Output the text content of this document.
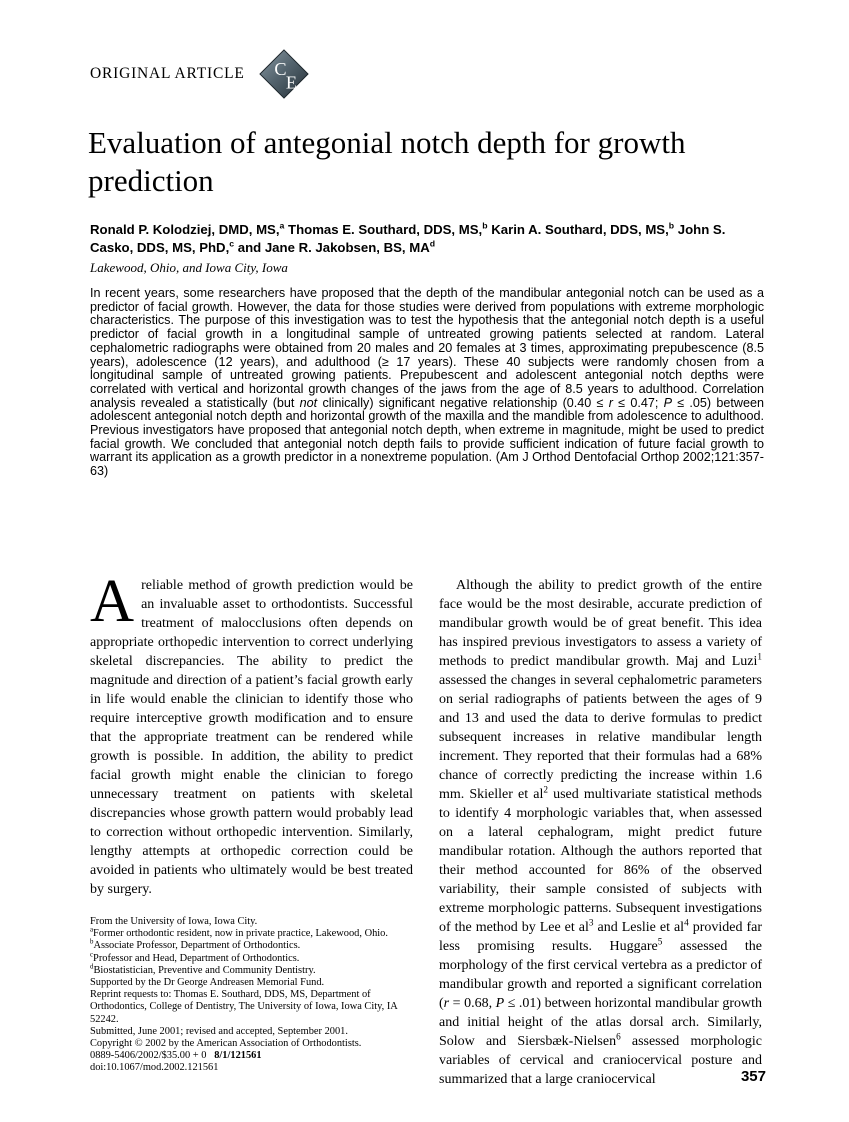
ORIGINAL ARTICLE C
E
Evaluation of antegonial notch depth for growth prediction

Ronald P. Kolodziej, DMD, MS,$^a$ Thomas E. Southard, DDS, MS,$^b$ Karin A. Southard, DDS, MS,$^b$ John S. Casko, DDS, MS, PhD,$^c$ and Jane R. Jakobsen, BS, $MA^d$

Lakewood, Ohio, and Iowa City, Iowa

In recent years, some researchers have proposed that the depth of the mandibular antegonial notch can be used as a predictor of facial growth. However, the data for those studies were derived from populations with extreme morphologic characteristics. The purpose of this investigation was to test the hypothesis that the antegonial notch depth is a useful predictor of facial growth in a longitudinal sample of untreated growing patients selected at random. Lateral cephalometric radiographs were obtained from 20 males and 20 females at 3 times, approximating prepubescence (8.5 years), adolescence (12 years), and adulthood (≥ 17 years). These 40 subjects were randomly chosen from a longitudinal sample of untreated growing patients. Prepubescent and adolescent antegonial notch depths were correlated with vertical and horizontal growth changes of the jaws from the age of 8.5 years to adulthood. Correlation analysis revealed a statistically (but not clinically) significant negative relationship (0.40 ≤ r ≤ 0.47; P ≤ .05) between adolescent antegonial notch depth and horizontal growth of the maxilla and the mandible from adolescence to adulthood. Previous investigators have proposed that antegonial notch depth, when extreme in magnitude, might be used to predict facial growth. We concluded that antegonial notch depth fails to provide sufficient indication of future facial growth to warrant its application as a growth predictor in a nonextreme population. (Am J Orthod Dentofacial Orthop 2002;121:357-63)

Areliable method of growth prediction would be an invaluable asset to orthodontists. Successful treatment of malocclusions often depends on appropriate orthopedic intervention to correct underlying skeletal discrepancies. The ability to predict the magnitude and direction of a patient’s facial growth early in life would enable the clinician to identify those who require interceptive growth modification and to ensure that the appropriate treatment can be rendered while growth is possible. In addition, the ability to predict facial growth might enable the clinician to forego unnecessary treatment on patients with skeletal discrepancies whose growth pattern would probably lead to correction without orthopedic intervention. Similarly, lengthy attempts at orthopedic correction could be avoided in patients who ultimately would be best treated by surgery.

Although the ability to predict growth of the entire face would be the most desirable, accurate prediction of mandibular growth would be of great benefit. This idea has inspired previous investigators to assess a variety of methods to predict mandibular growth. Maj and Luzi$^1$ assessed the changes in several cephalometric parameters on serial radiographs of patients between the ages of 9 and 13 and used the data to derive formulas to predict subsequent increases in relative mandibular length increment. They reported that their formulas had a 68% chance of correctly predicting the increase within 1.6 mm. Skieller et $al^2$ used multivariate statistical methods to identify 4 morphologic variables that, when assessed on a lateral cephalogram, might predict future mandibular rotation. Although the authors reported that their method accounted for 86% of the observed variability, their sample consisted of subjects with extreme morphologic patterns. Subsequent investigations of the method by Lee et $al^3$ and Leslie et $al^4$ provided far less promising results. Huggare$^5$ assessed the morphology of the first cervical vertebra as a predictor of mandibular growth and reported a significant correlation (r = 0.68, P ≤ .01) between horizontal mandibular growth and initial height of the atlas dorsal arch. Similarly, Solow and Siersbæk-Nielsen$^6$ assessed morphologic variables of cervical and craniocervical posture and summarized that a large craniocervical

From the University of Iowa, Iowa City.
$^a$Former orthodontic resident, now in private practice, Lakewood, Ohio.
$^b$Associate Professor, Department of Orthodontics.
$^c$Professor and Head, Department of Orthodontics.
$^d$Biostatistician, Preventive and Community Dentistry.
Supported by the Dr George Andreasen Memorial Fund.
Reprint requests to: Thomas E. Southard, DDS, MS, Department of Orthodontics, College of Dentistry, The University of Iowa, Iowa City, IA 52242.
Submitted, June 2001; revised and accepted, September 2001.
Copyright © 2002 by the American Association of Orthodontists.
0889-5406/2002/$35.00 + 0   8/1/121561
doi:10.1067/mod.2002.121561
357
